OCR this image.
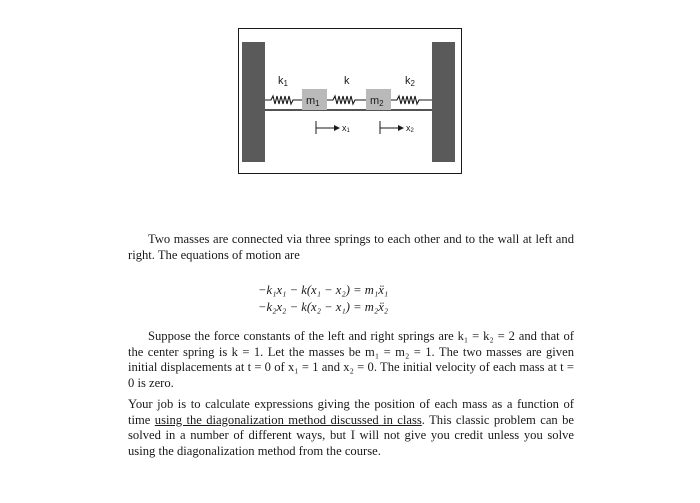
k1	k	k2
m1	m2
x1	x2

Two masses are connected via three springs to each other and to the wall at left and right. The equations of motion are

−k₁x₁ − k(x₁ − x₂) = m₁ẍ₁
−k₂x₂ − k(x₂ − x₁) = m₂ẍ₂

Suppose the force constants of the left and right springs are k₁ = k₂ = 2 and that of the center spring is k = 1. Let the masses be m₁ = m₂ = 1. The two masses are given initial displacements at t = 0 of x₁ = 1 and x₂ = 0. The initial velocity of each mass at t = 0 is zero.

Your job is to calculate expressions giving the position of each mass as a function of time using the diagonalization method discussed in class. This classic problem can be solved in a number of different ways, but I will not give you credit unless you solve using the diagonalization method from the course.
